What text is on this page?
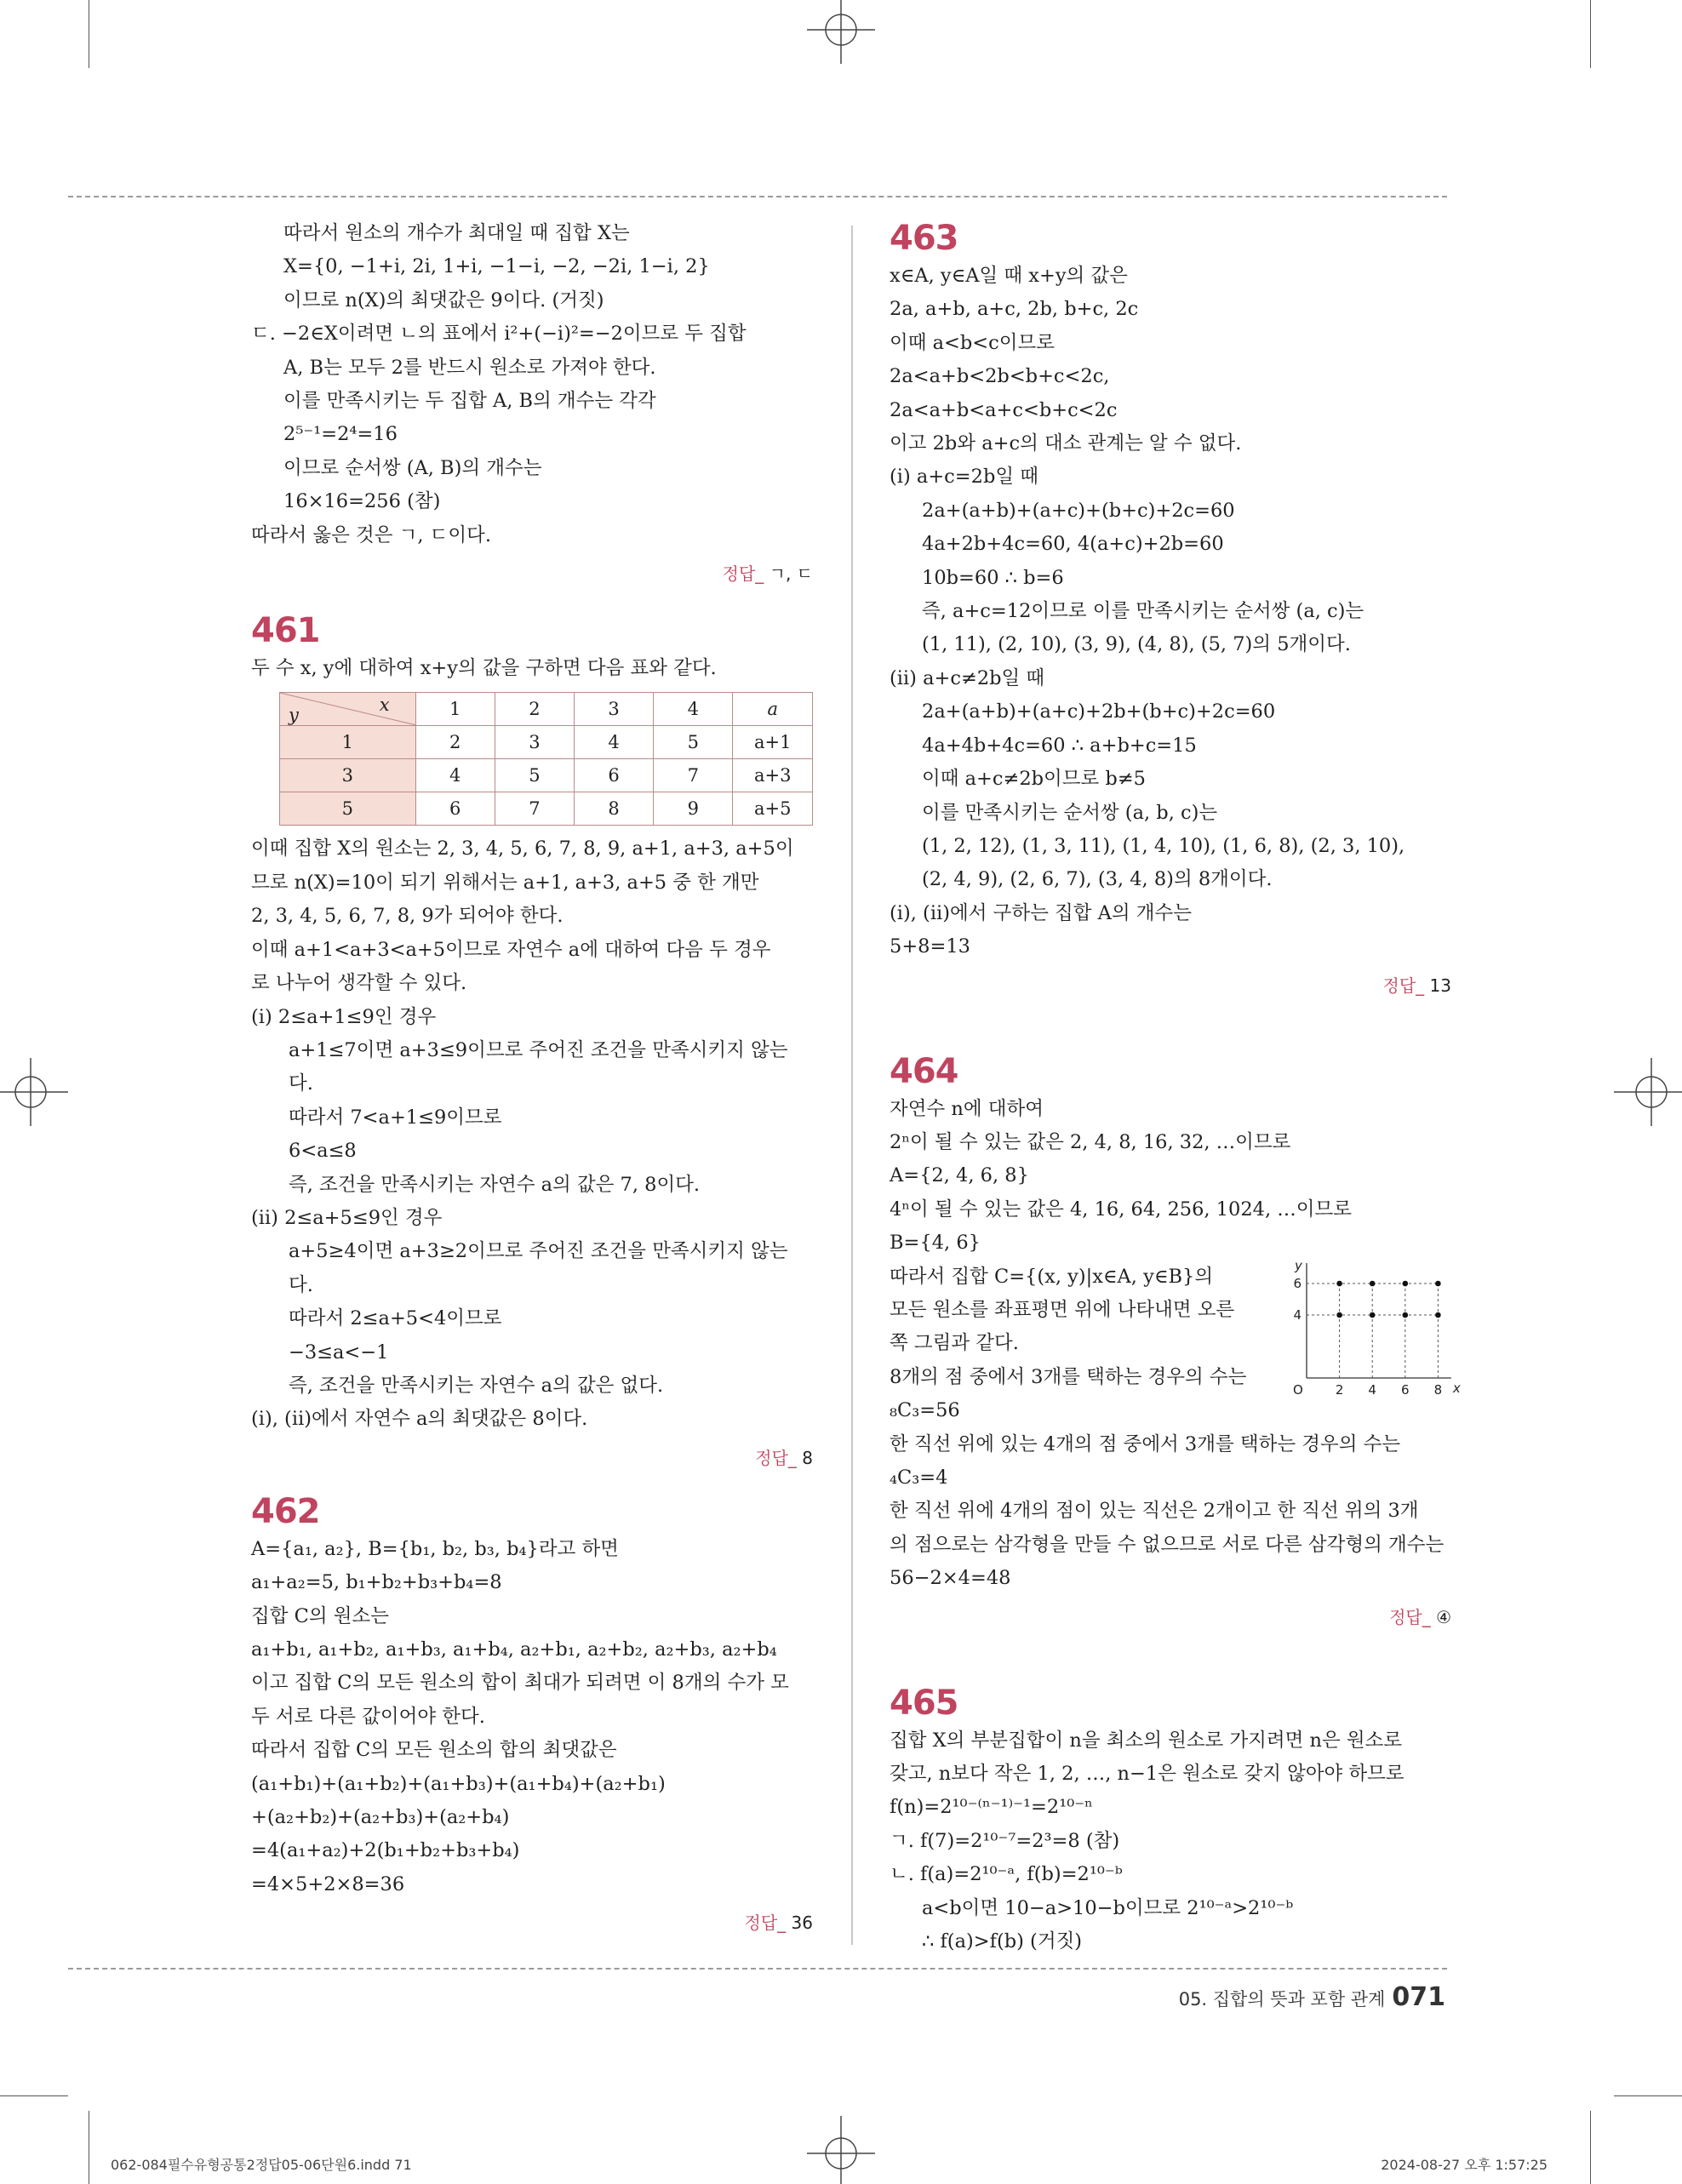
따라서 원소의 개수가 최대일 때 집합 X는
X={0, −1+i, 2i, 1+i, −1−i, −2, −2i, 1−i, 2}
이므로 n(X)의 최댓값은 9이다. (거짓)
ㄷ. −2∈X이려면 ㄴ의 표에서 i²+(−i)²=−2이므로 두 집합
A, B는 모두 2를 반드시 원소로 가져야 한다.
이를 만족시키는 두 집합 A, B의 개수는 각각
2⁵⁻¹=2⁴=16
이므로 순서쌍 (A, B)의 개수는
16×16=256 (참)
따라서 옳은 것은 ㄱ, ㄷ이다.
정답_ ㄱ, ㄷ
461
두 수 x, y에 대하여 x+y의 값을 구하면 다음 표와 같다.
x
y	1	2	3	4	a
1	2	3	4	5	a+1
3	4	5	6	7	a+3
5	6	7	8	9	a+5
이때 집합 X의 원소는 2, 3, 4, 5, 6, 7, 8, 9, a+1, a+3, a+5이
므로 n(X)=10이 되기 위해서는 a+1, a+3, a+5 중 한 개만
2, 3, 4, 5, 6, 7, 8, 9가 되어야 한다.
이때 a+1<a+3<a+5이므로 자연수 a에 대하여 다음 두 경우
로 나누어 생각할 수 있다.
(ⅰ) 2≤a+1≤9인 경우
a+1≤7이면 a+3≤9이므로 주어진 조건을 만족시키지 않는
다.
따라서 7<a+1≤9이므로
6<a≤8
즉, 조건을 만족시키는 자연수 a의 값은 7, 8이다.
(ⅱ) 2≤a+5≤9인 경우
a+5≥4이면 a+3≥2이므로 주어진 조건을 만족시키지 않는
다.
따라서 2≤a+5<4이므로
−3≤a<−1
즉, 조건을 만족시키는 자연수 a의 값은 없다.
(ⅰ), (ⅱ)에서 자연수 a의 최댓값은 8이다.
정답_ 8
462
A={a₁, a₂}, B={b₁, b₂, b₃, b₄}라고 하면
a₁+a₂=5, b₁+b₂+b₃+b₄=8
집합 C의 원소는
a₁+b₁, a₁+b₂, a₁+b₃, a₁+b₄, a₂+b₁, a₂+b₂, a₂+b₃, a₂+b₄
이고 집합 C의 모든 원소의 합이 최대가 되려면 이 8개의 수가 모
두 서로 다른 값이어야 한다.
따라서 집합 C의 모든 원소의 합의 최댓값은
(a₁+b₁)+(a₁+b₂)+(a₁+b₃)+(a₁+b₄)+(a₂+b₁)
+(a₂+b₂)+(a₂+b₃)+(a₂+b₄)
=4(a₁+a₂)+2(b₁+b₂+b₃+b₄)
=4×5+2×8=36
정답_ 36
463
x∈A, y∈A일 때 x+y의 값은
2a, a+b, a+c, 2b, b+c, 2c
이때 a<b<c이므로
2a<a+b<2b<b+c<2c,
2a<a+b<a+c<b+c<2c
이고 2b와 a+c의 대소 관계는 알 수 없다.
(ⅰ) a+c=2b일 때
2a+(a+b)+(a+c)+(b+c)+2c=60
4a+2b+4c=60, 4(a+c)+2b=60
10b=60 ∴ b=6
즉, a+c=12이므로 이를 만족시키는 순서쌍 (a, c)는
(1, 11), (2, 10), (3, 9), (4, 8), (5, 7)의 5개이다.
(ⅱ) a+c≠2b일 때
2a+(a+b)+(a+c)+2b+(b+c)+2c=60
4a+4b+4c=60 ∴ a+b+c=15
이때 a+c≠2b이므로 b≠5
이를 만족시키는 순서쌍 (a, b, c)는
(1, 2, 12), (1, 3, 11), (1, 4, 10), (1, 6, 8), (2, 3, 10),
(2, 4, 9), (2, 6, 7), (3, 4, 8)의 8개이다.
(ⅰ), (ⅱ)에서 구하는 집합 A의 개수는
5+8=13
정답_ 13
464
자연수 n에 대하여
2ⁿ이 될 수 있는 값은 2, 4, 8, 16, 32, …이므로
A={2, 4, 6, 8}
4ⁿ이 될 수 있는 값은 4, 16, 64, 256, 1024, …이므로
B={4, 6}
따라서 집합 C={(x, y)|x∈A, y∈B}의
모든 원소를 좌표평면 위에 나타내면 오른
쪽 그림과 같다.
8개의 점 중에서 3개를 택하는 경우의 수는
₈C₃=56
한 직선 위에 있는 4개의 점 중에서 3개를 택하는 경우의 수는
₄C₃=4
한 직선 위에 4개의 점이 있는 직선은 2개이고 한 직선 위의 3개
의 점으로는 삼각형을 만들 수 없으므로 서로 다른 삼각형의 개수는
56−2×4=48
2 4 6 8
4
6
O	x
y
정답_ ④
465
집합 X의 부분집합이 n을 최소의 원소로 가지려면 n은 원소로
갖고, n보다 작은 1, 2, …, n−1은 원소로 갖지 않아야 하므로
f(n)=2¹⁰⁻⁽ⁿ⁻¹⁾⁻¹=2¹⁰⁻ⁿ
ㄱ. f(7)=2¹⁰⁻⁷=2³=8 (참)
ㄴ. f(a)=2¹⁰⁻ᵃ, f(b)=2¹⁰⁻ᵇ
a<b이면 10−a>10−b이므로 2¹⁰⁻ᵃ>2¹⁰⁻ᵇ
∴ f(a)>f(b) (거짓)
05. 집합의 뜻과 포함 관계 071
062-084필수유형공통2정답05-06단원6.indd 71	2024-08-27 오후 1:57:25
